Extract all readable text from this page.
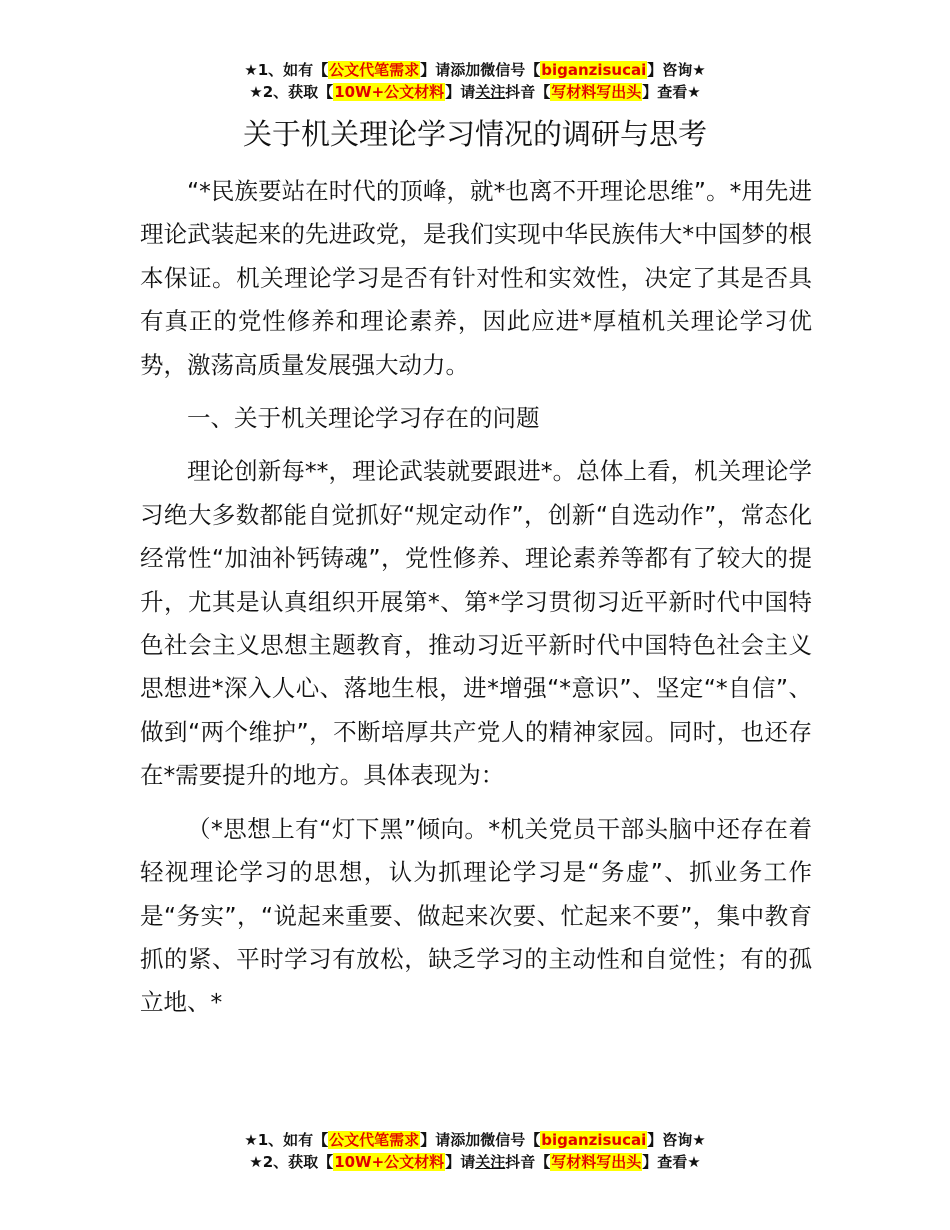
★1、如有【公文代笔需求】请添加微信号【biganzisucai】咨询★
★2、获取【10W+公文材料】请关注抖音【写材料写出头】查看★
关于机关理论学习情况的调研与思考

“*民族要站在时代的顶峰，就*也离不开理论思维”。*用先进理论武装起来的先进政党，是我们实现中华民族伟大*中国梦的根本保证。机关理论学习是否有针对性和实效性，决定了其是否具有真正的党性修养和理论素养，因此应进*厚植机关理论学习优势，激荡高质量发展强大动力。

一、关于机关理论学习存在的问题

理论创新每**，理论武装就要跟进*。总体上看，机关理论学习绝大多数都能自觉抓好“规定动作”，创新“自选动作”，常态化经常性“加油补钙铸魂”，党性修养、理论素养等都有了较大的提升，尤其是认真组织开展第*、第*学习贯彻习近平新时代中国特色社会主义思想主题教育，推动习近平新时代中国特色社会主义思想进*深入人心、落地生根，进*增强“*意识”、坚定“*自信”、做到“两个维护”，不断培厚共产党人的精神家园。同时，也还存在*需要提升的地方。具体表现为：

（*思想上有“灯下黑”倾向。*机关党员干部头脑中还存在着轻视理论学习的思想，认为抓理论学习是“务虚”、抓业务工作是“务实”，“说起来重要、做起来次要、忙起来不要”，集中教育抓的紧、平时学习有放松，缺乏学习的主动性和自觉性；有的孤立地、*

★1、如有【公文代笔需求】请添加微信号【biganzisucai】咨询★
★2、获取【10W+公文材料】请关注抖音【写材料写出头】查看★
